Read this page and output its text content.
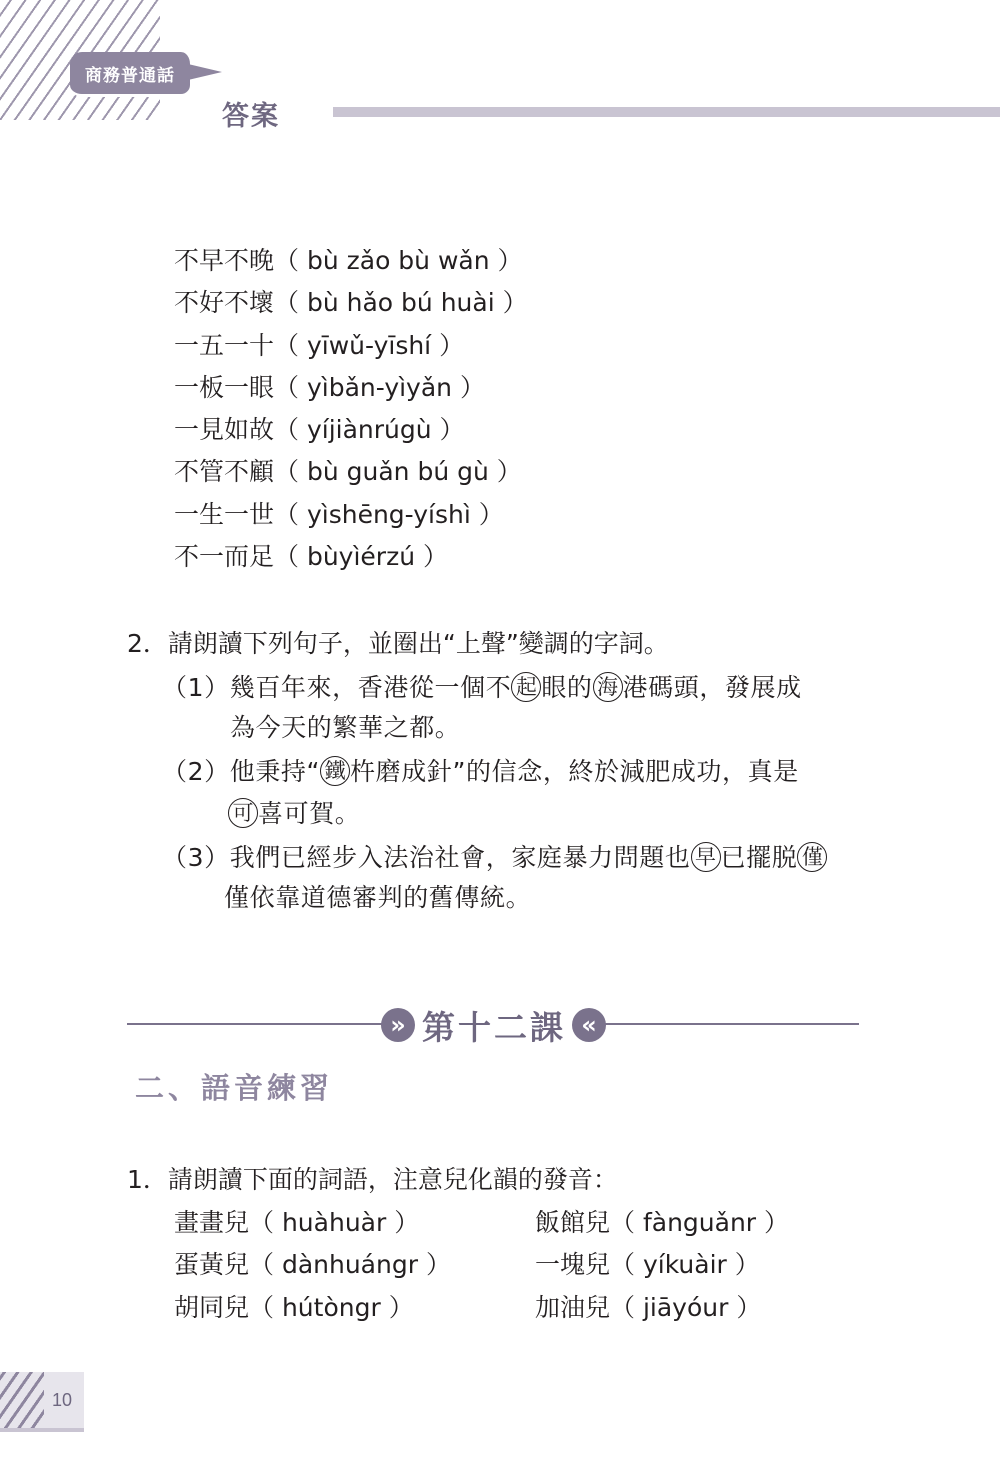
商務普通話
答案
不早不晚（ bù zǎo bù wǎn ）
不好不壞（ bù hǎo bú huài ）
一五一十（ yīwǔ-yīshí ）
一板一眼（ yìbǎn-yìyǎn ）
一見如故（ yíjiànrúgù ）
不管不顧（ bù guǎn bú gù ）
一生一世（ yìshēng-yíshì ）
不一而足（ bùyìérzú ）
2．請朗讀下列句子，並圈出“上聲”變調的字詞。
（1）幾百年來，香港從一個不 起 眼的 海 港碼頭，發展成
為今天的繁華之都。
（2）他秉持“ 鐵 杵磨成針”的信念，終於減肥成功，真是
可 喜可賀。
（3）我們已經步入法治社會，家庭暴力問題也 早 已擺脱 僅
僅依靠道德審判的舊傳統。
» 第十二課 «
二、語音練習
1．請朗讀下面的詞語，注意兒化韻的發音：
畫畫兒（ huàhuàr ）	飯館兒（ fànguǎnr ）
蛋黃兒（ dànhuángr ）	一塊兒（ yíkuàir ）
胡同兒（ hútòngr ）	加油兒（ jiāyóur ）
10
